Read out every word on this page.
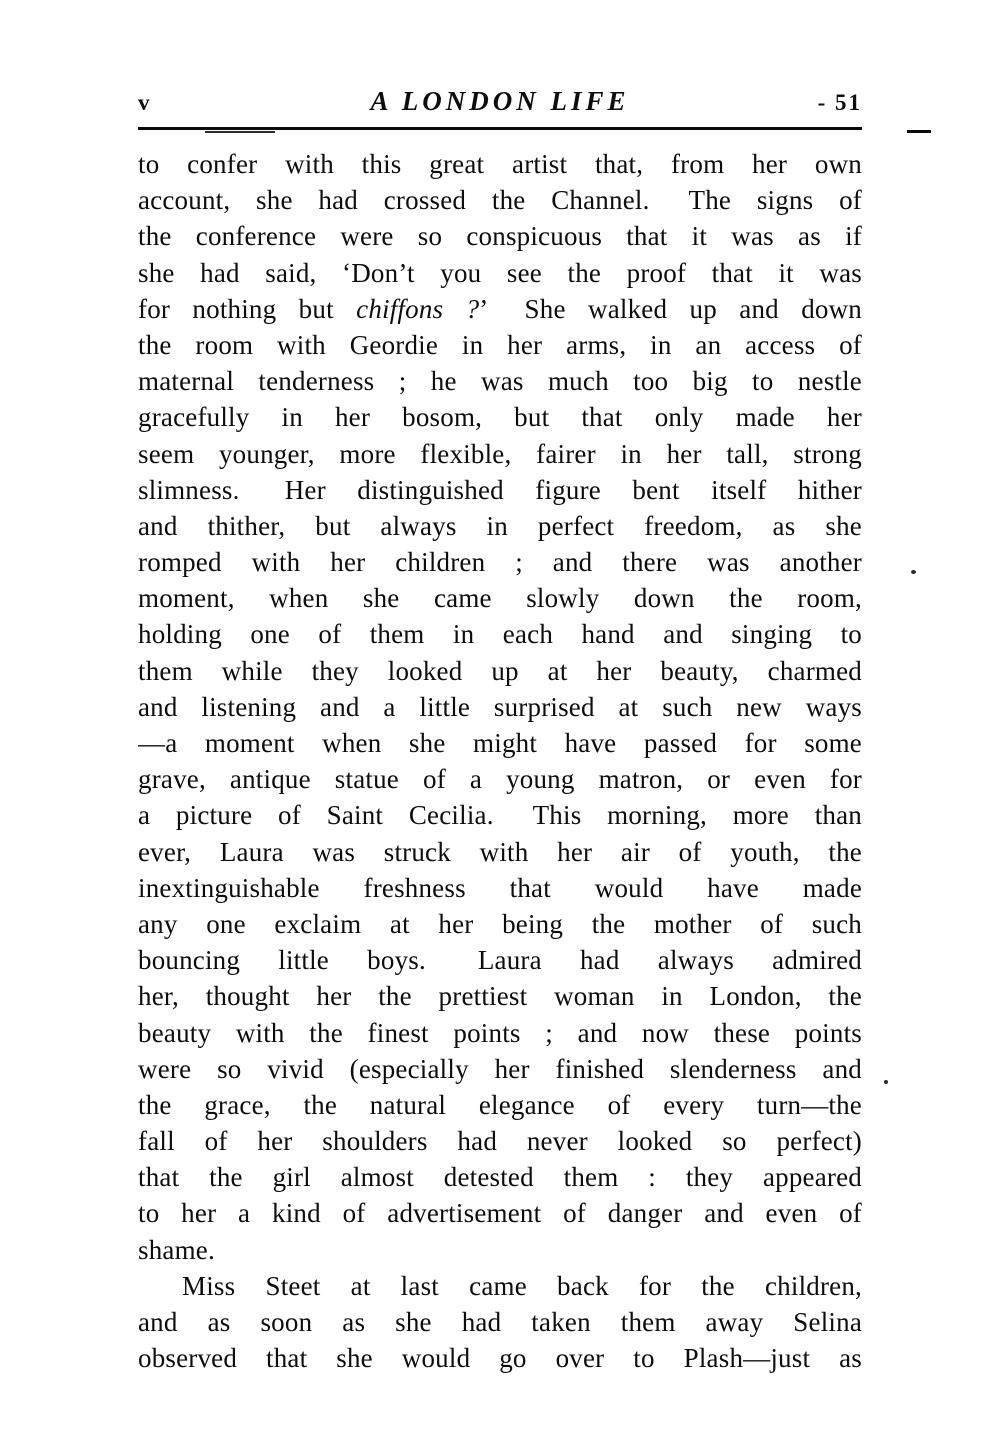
v	A LONDON LIFE	- 51
to confer with this great artist that, from her own
account, she had crossed the Channel.  The signs of
the conference were so conspicuous that it was as if
she had said, ‘Don’t you see the proof that it was
for nothing but chiffons ?’  She walked up and down
the room with Geordie in her arms, in an access of
maternal tenderness ; he was much too big to nestle
gracefully in her bosom, but that only made her
seem younger, more flexible, fairer in her tall, strong
slimness.  Her distinguished figure bent itself hither
and thither, but always in perfect freedom, as she
romped with her children ; and there was another
moment, when she came slowly down the room,
holding one of them in each hand and singing to
them while they looked up at her beauty, charmed
and listening and a little surprised at such new ways
—a moment when she might have passed for some
grave, antique statue of a young matron, or even for
a picture of Saint Cecilia.  This morning, more than
ever, Laura was struck with her air of youth, the
inextinguishable freshness that would have made
any one exclaim at her being the mother of such
bouncing little boys.  Laura had always admired
her, thought her the prettiest woman in London, the
beauty with the finest points ; and now these points
were so vivid (especially her finished slenderness and
the grace, the natural elegance of every turn—the
fall of her shoulders had never looked so perfect)
that the girl almost detested them : they appeared
to her a kind of advertisement of danger and even of
shame.
Miss Steet at last came back for the children,
and as soon as she had taken them away Selina
observed that she would go over to Plash—just as
